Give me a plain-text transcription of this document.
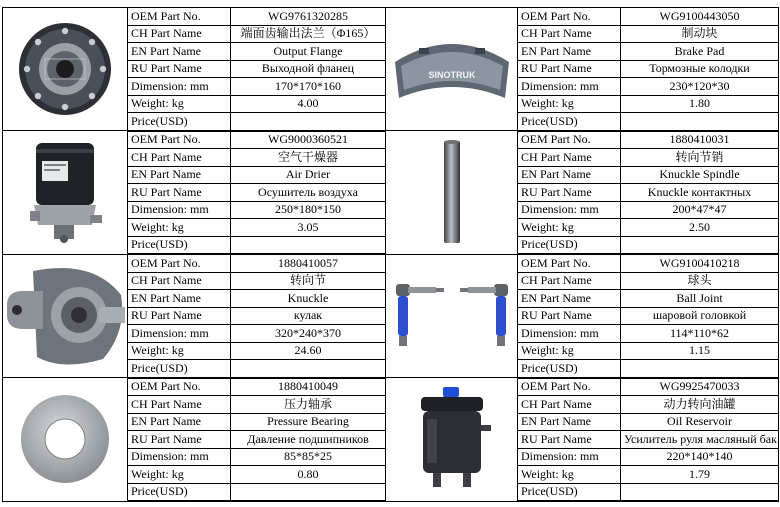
	OEM Part No.	WG9761320285	SINOTRUK	OEM Part No.	WG9100443050
	CH Part Name	端面齿输出法兰（Φ165）		CH Part Name	制动块
	EN Part Name	Output Flange		EN Part Name	Brake Pad
	RU Part Name	Выходной фланец		RU Part Name	Тормозные колодки
	Dimension: mm	170*170*160		Dimension: mm	230*120*30
	Weight: kg	4.00		Weight: kg	1.80
	Price(USD)			Price(USD)	

	OEM Part No.	WG9000360521		OEM Part No.	1880410031
	CH Part Name	空气干燥器		CH Part Name	转向节销
	EN Part Name	Air Drier		EN Part Name	Knuckle Spindle
	RU Part Name	Осушитель воздуха		RU Part Name	Knuckle контактных
	Dimension: mm	250*180*150		Dimension: mm	200*47*47
	Weight: kg	3.05		Weight: kg	2.50
	Price(USD)			Price(USD)	

	OEM Part No.	1880410057		OEM Part No.	WG9100410218
	CH Part Name	转向节		CH Part Name	球头
	EN Part Name	Knuckle		EN Part Name	Ball Joint
	RU Part Name	кулак		RU Part Name	шаровой головкой
	Dimension: mm	320*240*370		Dimension: mm	114*110*62
	Weight: kg	24.60		Weight: kg	1.15
	Price(USD)			Price(USD)	

	OEM Part No.	1880410049		OEM Part No.	WG9925470033
	CH Part Name	压力轴承		CH Part Name	动力转向油罐
	EN Part Name	Pressure Bearing		EN Part Name	Oil Reservoir
	RU Part Name	Давление подшипников		RU Part Name	Усилитель руля масляный бак
	Dimension: mm	85*85*25		Dimension: mm	220*140*140
	Weight: kg	0.80		Weight: kg	1.79
	Price(USD)			Price(USD)	
